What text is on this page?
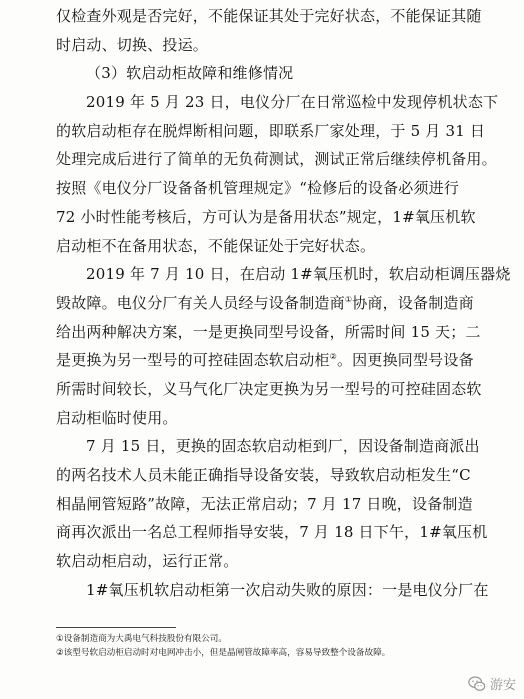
仅检查外观是否完好，不能保证其处于完好状态，不能保证其随
时启动、切换、投运。
（3）软启动柜故障和维修情况
2019 年 5 月 23 日，电仪分厂在日常巡检中发现停机状态下
的软启动柜存在脱焊断相问题，即联系厂家处理，于 5 月 31 日
处理完成后进行了简单的无负荷测试，测试正常后继续停机备用。
按照《电仪分厂设备备机管理规定》“检修后的设备必须进行
72 小时性能考核后，方可认为是备用状态”规定，1#氧压机软
启动柜不在备用状态，不能保证处于完好状态。
2019 年 7 月 10 日，在启动 1#氧压机时，软启动柜调压器烧
毁故障。电仪分厂有关人员经与设备制造商①协商，设备制造商
给出两种解决方案，一是更换同型号设备，所需时间 15 天；二
是更换为另一型号的可控硅固态软启动柜②。因更换同型号设备
所需时间较长，义马气化厂决定更换为另一型号的可控硅固态软
启动柜临时使用。
7 月 15 日，更换的固态软启动柜到厂，因设备制造商派出
的两名技术人员未能正确指导设备安装，导致软启动柜发生“C
相晶闸管短路”故障，无法正常启动；7 月 17 日晚，设备制造
商再次派出一名总工程师指导安装，7 月 18 日下午，1#氧压机
软启动柜启动，运行正常。
1#氧压机软启动柜第一次启动失败的原因：一是电仪分厂在
①设备制造商为大禹电气科技股份有限公司。
②该型号软启动柜启动时对电网冲击小，但是晶闸管故障率高，容易导致整个设备故障。
游安
